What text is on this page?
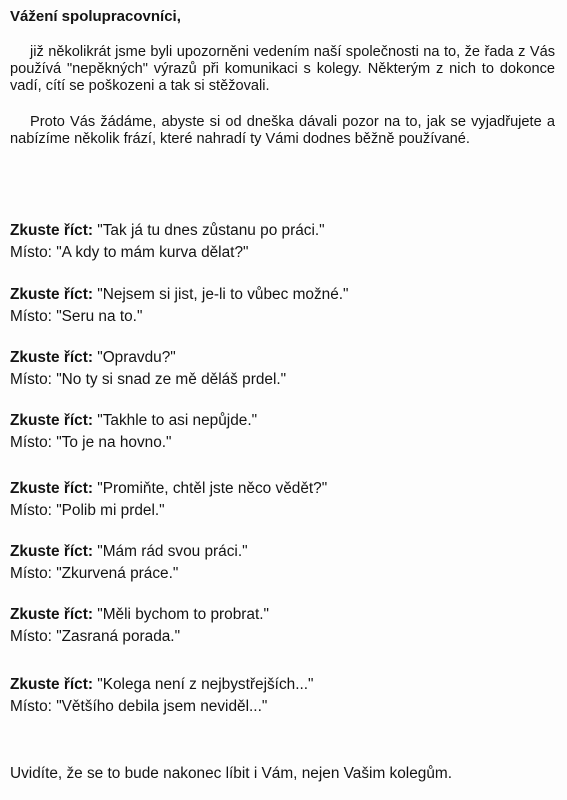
Vážení spolupracovníci,

již několikrát jsme byli upozorněni vedením naší společnosti na to, že řada z Vás používá "nepěkných" výrazů při komunikaci s kolegy. Některým z nich to dokonce vadí, cítí se poškozeni a tak si stěžovali.

Proto Vás žádáme, abyste si od dneška dávali pozor na to, jak se vyjadřujete a nabízíme několik frází, které nahradí ty Vámi dodnes běžně používané.

Zkuste říct: "Tak já tu dnes zůstanu po práci."
Místo: "A kdy to mám kurva dělat?"
Zkuste říct: "Nejsem si jist, je-li to vůbec možné."
Místo: "Seru na to."
Zkuste říct: "Opravdu?"
Místo: "No ty si snad ze mě děláš prdel."
Zkuste říct: "Takhle to asi nepůjde."
Místo: "To je na hovno."
Zkuste říct: "Promiňte, chtěl jste něco vědět?"
Místo: "Polib mi prdel."
Zkuste říct: "Mám rád svou práci."
Místo: "Zkurvená práce."
Zkuste říct: "Měli bychom to probrat."
Místo: "Zasraná porada."
Zkuste říct: "Kolega není z nejbystřejších..."
Místo: "Většího debila jsem neviděl..."

Uvidíte, že se to bude nakonec líbit i Vám, nejen Vašim kolegům.
